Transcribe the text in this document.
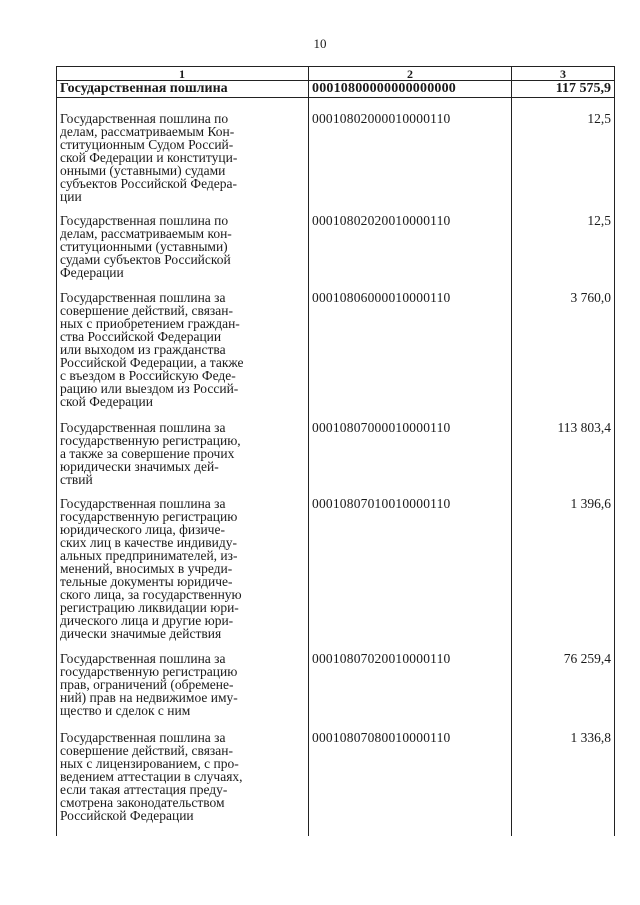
10
1	2	3
Государственная пошлина	00010800000000000000	117 575,9
Государственная пошлина по
делам, рассматриваемым Кон-
ституционным Судом Россий-
ской Федерации и конституци-
онными (уставными) судами
субъектов Российской Федера-
ции
00010802000010000110	12,5
Государственная пошлина по
делам, рассматриваемым кон-
ституционными (уставными)
судами субъектов Российской
Федерации
00010802020010000110	12,5
Государственная пошлина за
совершение действий, связан-
ных с приобретением граждан-
ства Российской Федерации
или выходом из гражданства
Российской Федерации, а также
с въездом в Российскую Феде-
рацию или выездом из Россий-
ской Федерации
00010806000010000110	3 760,0
Государственная пошлина за
государственную регистрацию,
а также за совершение прочих
юридически значимых дей-
ствий
00010807000010000110	113 803,4
Государственная пошлина за
государственную регистрацию
юридического лица, физиче-
ских лиц в качестве индивиду-
альных предпринимателей, из-
менений, вносимых в учреди-
тельные документы юридиче-
ского лица, за государственную
регистрацию ликвидации юри-
дического лица и другие юри-
дически значимые действия
00010807010010000110	1 396,6
Государственная пошлина за
государственную регистрацию
прав, ограничений (обремене-
ний) прав на недвижимое иму-
щество и сделок с ним
00010807020010000110	76 259,4
Государственная пошлина за
совершение действий, связан-
ных с лицензированием, с про-
ведением аттестации в случаях,
если такая аттестация преду-
смотрена законодательством
Российской Федерации
00010807080010000110	1 336,8
